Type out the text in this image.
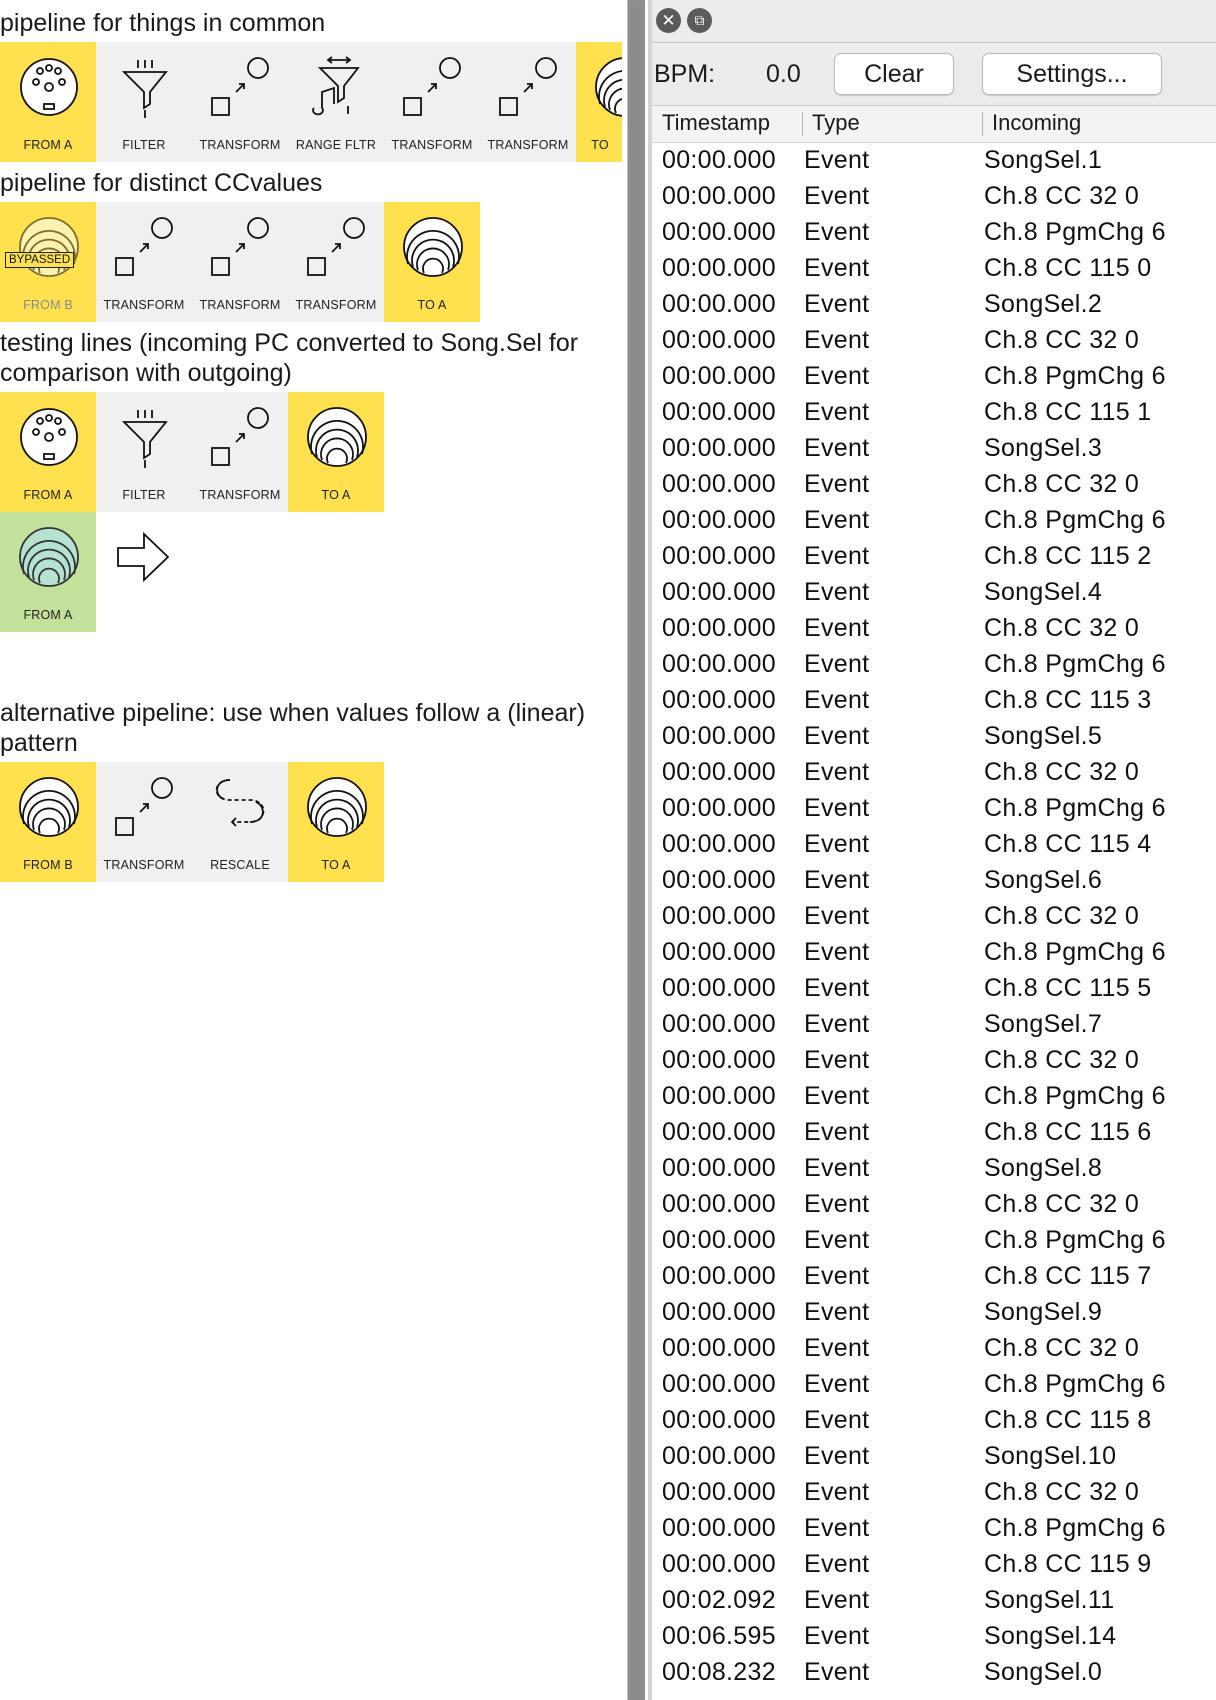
pipeline for things in common
FROM A	FILTER	TRANSFORM	RANGE FLTR	TRANSFORM	TRANSFORM	TO
pipeline for distinct CCvalues
BYPASSED
FROM B	TRANSFORM	TRANSFORM	TRANSFORM	TO A
testing lines (incoming PC converted to Song.Sel for
comparison with outgoing)
FROM A	FILTER	TRANSFORM	TO A
FROM A
alternative pipeline: use when values follow a (linear)
pattern
FROM B	TRANSFORM	RESCALE	TO A
✕	⧉
BPM: 0.0	Clear	Settings...
Timestamp Type	Incoming
00:00.000 Event	SongSel.1
00:00.000 Event	Ch.8 CC 32 0
00:00.000 Event	Ch.8 PgmChg 6
00:00.000 Event	Ch.8 CC 115 0
00:00.000 Event	SongSel.2
00:00.000 Event	Ch.8 CC 32 0
00:00.000 Event	Ch.8 PgmChg 6
00:00.000 Event	Ch.8 CC 115 1
00:00.000 Event	SongSel.3
00:00.000 Event	Ch.8 CC 32 0
00:00.000 Event	Ch.8 PgmChg 6
00:00.000 Event	Ch.8 CC 115 2
00:00.000 Event	SongSel.4
00:00.000 Event	Ch.8 CC 32 0
00:00.000 Event	Ch.8 PgmChg 6
00:00.000 Event	Ch.8 CC 115 3
00:00.000 Event	SongSel.5
00:00.000 Event	Ch.8 CC 32 0
00:00.000 Event	Ch.8 PgmChg 6
00:00.000 Event	Ch.8 CC 115 4
00:00.000 Event	SongSel.6
00:00.000 Event	Ch.8 CC 32 0
00:00.000 Event	Ch.8 PgmChg 6
00:00.000 Event	Ch.8 CC 115 5
00:00.000 Event	SongSel.7
00:00.000 Event	Ch.8 CC 32 0
00:00.000 Event	Ch.8 PgmChg 6
00:00.000 Event	Ch.8 CC 115 6
00:00.000 Event	SongSel.8
00:00.000 Event	Ch.8 CC 32 0
00:00.000 Event	Ch.8 PgmChg 6
00:00.000 Event	Ch.8 CC 115 7
00:00.000 Event	SongSel.9
00:00.000 Event	Ch.8 CC 32 0
00:00.000 Event	Ch.8 PgmChg 6
00:00.000 Event	Ch.8 CC 115 8
00:00.000 Event	SongSel.10
00:00.000 Event	Ch.8 CC 32 0
00:00.000 Event	Ch.8 PgmChg 6
00:00.000 Event	Ch.8 CC 115 9
00:02.092 Event	SongSel.11
00:06.595 Event	SongSel.14
00:08.232 Event	SongSel.0
